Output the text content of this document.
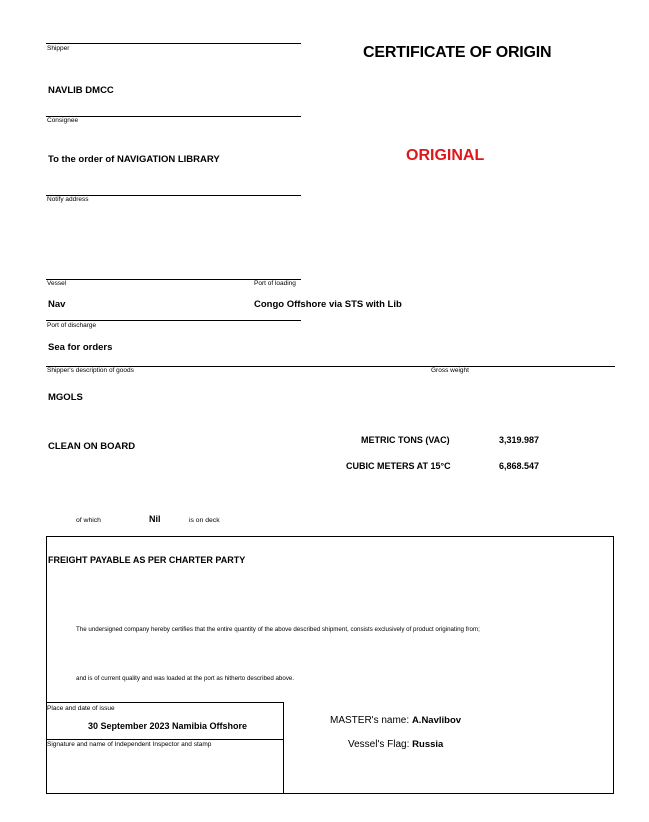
CERTIFICATE OF ORIGIN
ORIGINAL
Shipper
NAVLIB DMCC
Consignee
To the order of NAVIGATION LIBRARY
Notify address
Vessel	Port of loading
Nav	Congo Offshore via STS with Lib
Port of discharge
Sea for orders
Shipper's description of goods	Gross weight
MGOLS
CLEAN ON BOARD
METRIC TONS (VAC)	3,319.987
CUBIC METERS AT 15°C	6,868.547
of which	Nil	is on deck
FREIGHT PAYABLE AS PER CHARTER PARTY
The undersigned company hereby certifies that the entire quantity of the above described shipment, consists exclusively of product originating from;
and is of current quality and was loaded at the port as hitherto described above.
Place and date of issue
30 September 2023 Namibia Offshore
Signature and name of Independent Inspector and stamp
MASTER's name: A.Navlibov
Vessel's Flag: Russia
